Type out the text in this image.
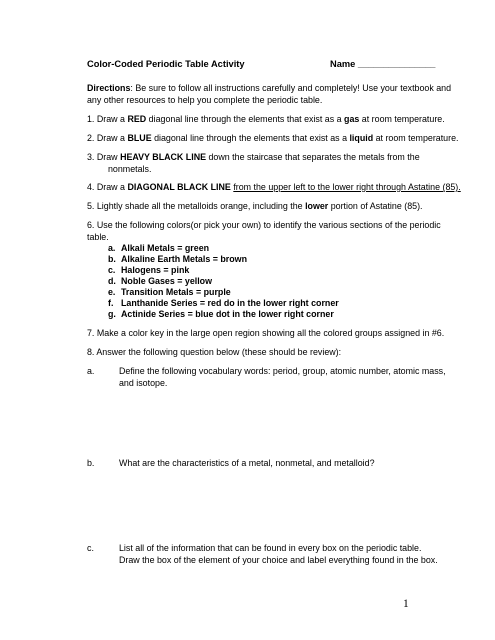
Color-Coded Periodic Table Activity	Name _______________
Directions: Be sure to follow all instructions carefully and completely! Use your textbook and
any other resources to help you complete the periodic table.
1. Draw a RED diagonal line through the elements that exist as a gas at room temperature.
2. Draw a BLUE diagonal line through the elements that exist as a liquid at room temperature.
3. Draw HEAVY BLACK LINE down the staircase that separates the metals from the
nonmetals.
4. Draw a DIAGONAL BLACK LINE from the upper left to the lower right through Astatine (85).
5. Lightly shade all the metalloids orange, including the lower portion of Astatine (85).
6. Use the following colors(or pick your own) to identify the various sections of the periodic
table.
a. Alkali Metals = green
b. Alkaline Earth Metals = brown
c. Halogens = pink
d. Noble Gases = yellow
e. Transition Metals = purple
f. Lanthanide Series = red do in the lower right corner
g. Actinide Series = blue dot in the lower right corner
7. Make a color key in the large open region showing all the colored groups assigned in #6.
8. Answer the following question below (these should be review):
a.	Define the following vocabulary words: period, group, atomic number, atomic mass,
and isotope.
b.	What are the characteristics of a metal, nonmetal, and metalloid?
c.	List all of the information that can be found in every box on the periodic table.
Draw the box of the element of your choice and label everything found in the box.
1
